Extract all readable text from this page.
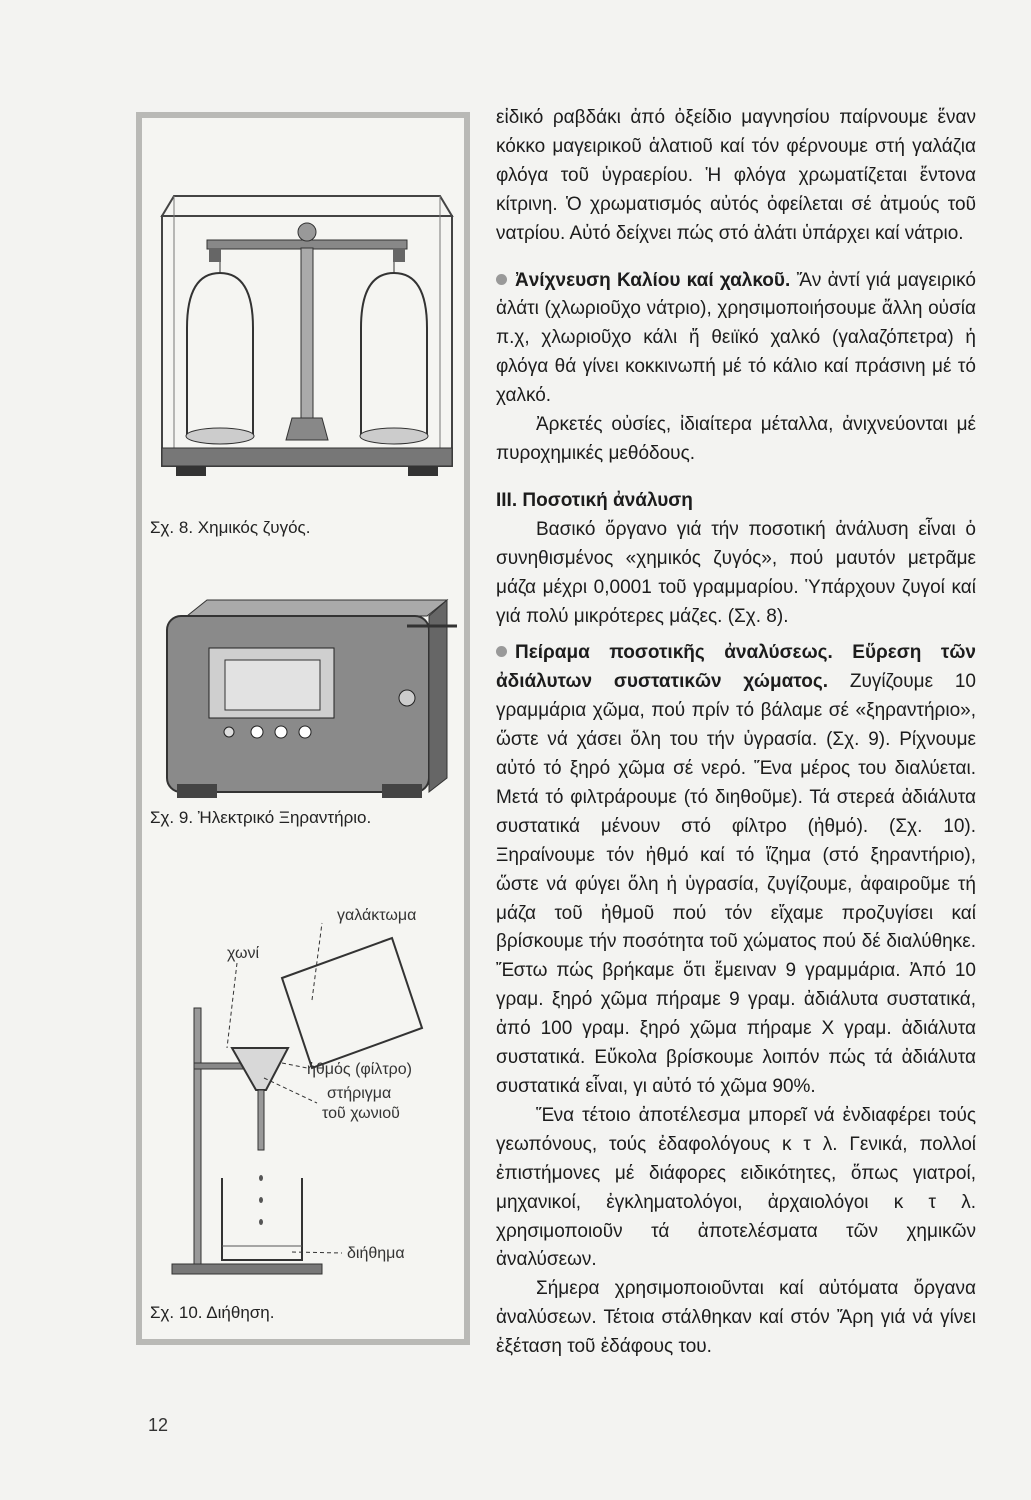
Σχ. 8. Χημικός ζυγός.
Σχ. 9. Ἠλεκτρικό Ξηραντήριο.
γαλάκτωμα
χωνί
ἠθμός (φίλτρο)
στήριγμα
τοῦ χωνιοῦ
διήθημα
Σχ. 10. Διήθηση.

εἰδικό ραβδάκι ἀπό ὀξείδιο μαγνησίου παίρνουμε ἕναν κόκκο μαγειρικοῦ ἁλατιοῦ καί τόν φέρνουμε στή γαλάζια φλόγα τοῦ ὑγραερίου. Ἡ φλόγα χρωματίζεται ἔντονα κίτρινη. Ὁ χρωματισμός αὐτός ὀφείλεται σέ ἀτμούς τοῦ νατρίου. Αὐτό δείχνει πώς στό ἁλάτι ὑπάρχει καί νάτριο.

Ἀνίχνευση Καλίου καί χαλκοῦ. Ἄν ἀντί γιά μαγειρικό ἁλάτι (χλωριοῦχο νάτριο), χρησιμοποιήσουμε ἄλλη οὐσία π.χ, χλωριοῦχο κάλι ἤ θειϊκό χαλκό (γαλαζόπετρα) ἡ φλόγα θά γίνει κοκκινωπή μέ τό κάλιο καί πράσινη μέ τό χαλκό.

Ἀρκετές οὐσίες, ἰδιαίτερα μέταλλα, ἀνιχνεύονται μέ πυροχημικές μεθόδους.

ΙΙΙ. Ποσοτική ἀνάλυση

Βασικό ὄργανο γιά τήν ποσοτική ἀνάλυση εἶναι ὁ συνηθισμένος «χημικός ζυγός», πού μαυτόν μετρᾶμε μάζα μέχρι 0,0001 τοῦ γραμμαρίου. Ὑπάρχουν ζυγοί καί γιά πολύ μικρότερες μάζες. (Σχ. 8).

Πείραμα ποσοτικῆς ἀναλύσεως. Εὕρεση τῶν ἀδιάλυτων συστατικῶν χώματος. Ζυγίζουμε 10 γραμμάρια χῶμα, πού πρίν τό βάλαμε σέ «ξηραντήριο», ὥστε νά χάσει ὅλη του τήν ὑγρασία. (Σχ. 9). Ρίχνουμε αὐτό τό ξηρό χῶμα σέ νερό. Ἕνα μέρος του διαλύεται. Μετά τό φιλτράρουμε (τό διηθοῦμε). Τά στερεά ἀδιάλυτα συστατικά μένουν στό φίλτρο (ἠθμό). (Σχ. 10). Ξηραίνουμε τόν ἠθμό καί τό ἵζημα (στό ξηραντήριο), ὥστε νά φύγει ὅλη ἡ ὑγρασία, ζυγίζουμε, ἀφαιροῦμε τή μάζα τοῦ ἠθμοῦ πού τόν εἴχαμε προζυγίσει καί βρίσκουμε τήν ποσότητα τοῦ χώματος πού δέ διαλύθηκε. Ἔστω πώς βρήκαμε ὅτι ἔμειναν 9 γραμμάρια. Ἀπό 10 γραμ. ξηρό χῶμα πήραμε 9 γραμ. ἀδιάλυτα συστατικά, ἀπό 100 γραμ. ξηρό χῶμα πήραμε X γραμ. ἀδιάλυτα συστατικά. Εὔκολα βρίσκουμε λοιπόν πώς τά ἀδιάλυτα συστατικά εἶναι, γι αὐτό τό χῶμα 90%.

Ἕνα τέτοιο ἀποτέλεσμα μπορεῖ νά ἐνδιαφέρει τούς γεωπόνους, τούς ἐδαφολόγους κ τ λ. Γενικά, πολλοί ἐπιστήμονες μέ διάφορες ειδικότητες, ὅπως γιατροί, μηχανικοί, ἐγκληματολόγοι, ἀρχαιολόγοι κ τ λ. χρησιμοποιοῦν τά ἀποτελέσματα τῶν χημικῶν ἀναλύσεων.

Σήμερα χρησιμοποιοῦνται καί αὐτόματα ὄργανα ἀναλύσεων. Τέτοια στάλθηκαν καί στόν Ἄρη γιά νά γίνει ἐξέταση τοῦ ἐδάφους του.

12
